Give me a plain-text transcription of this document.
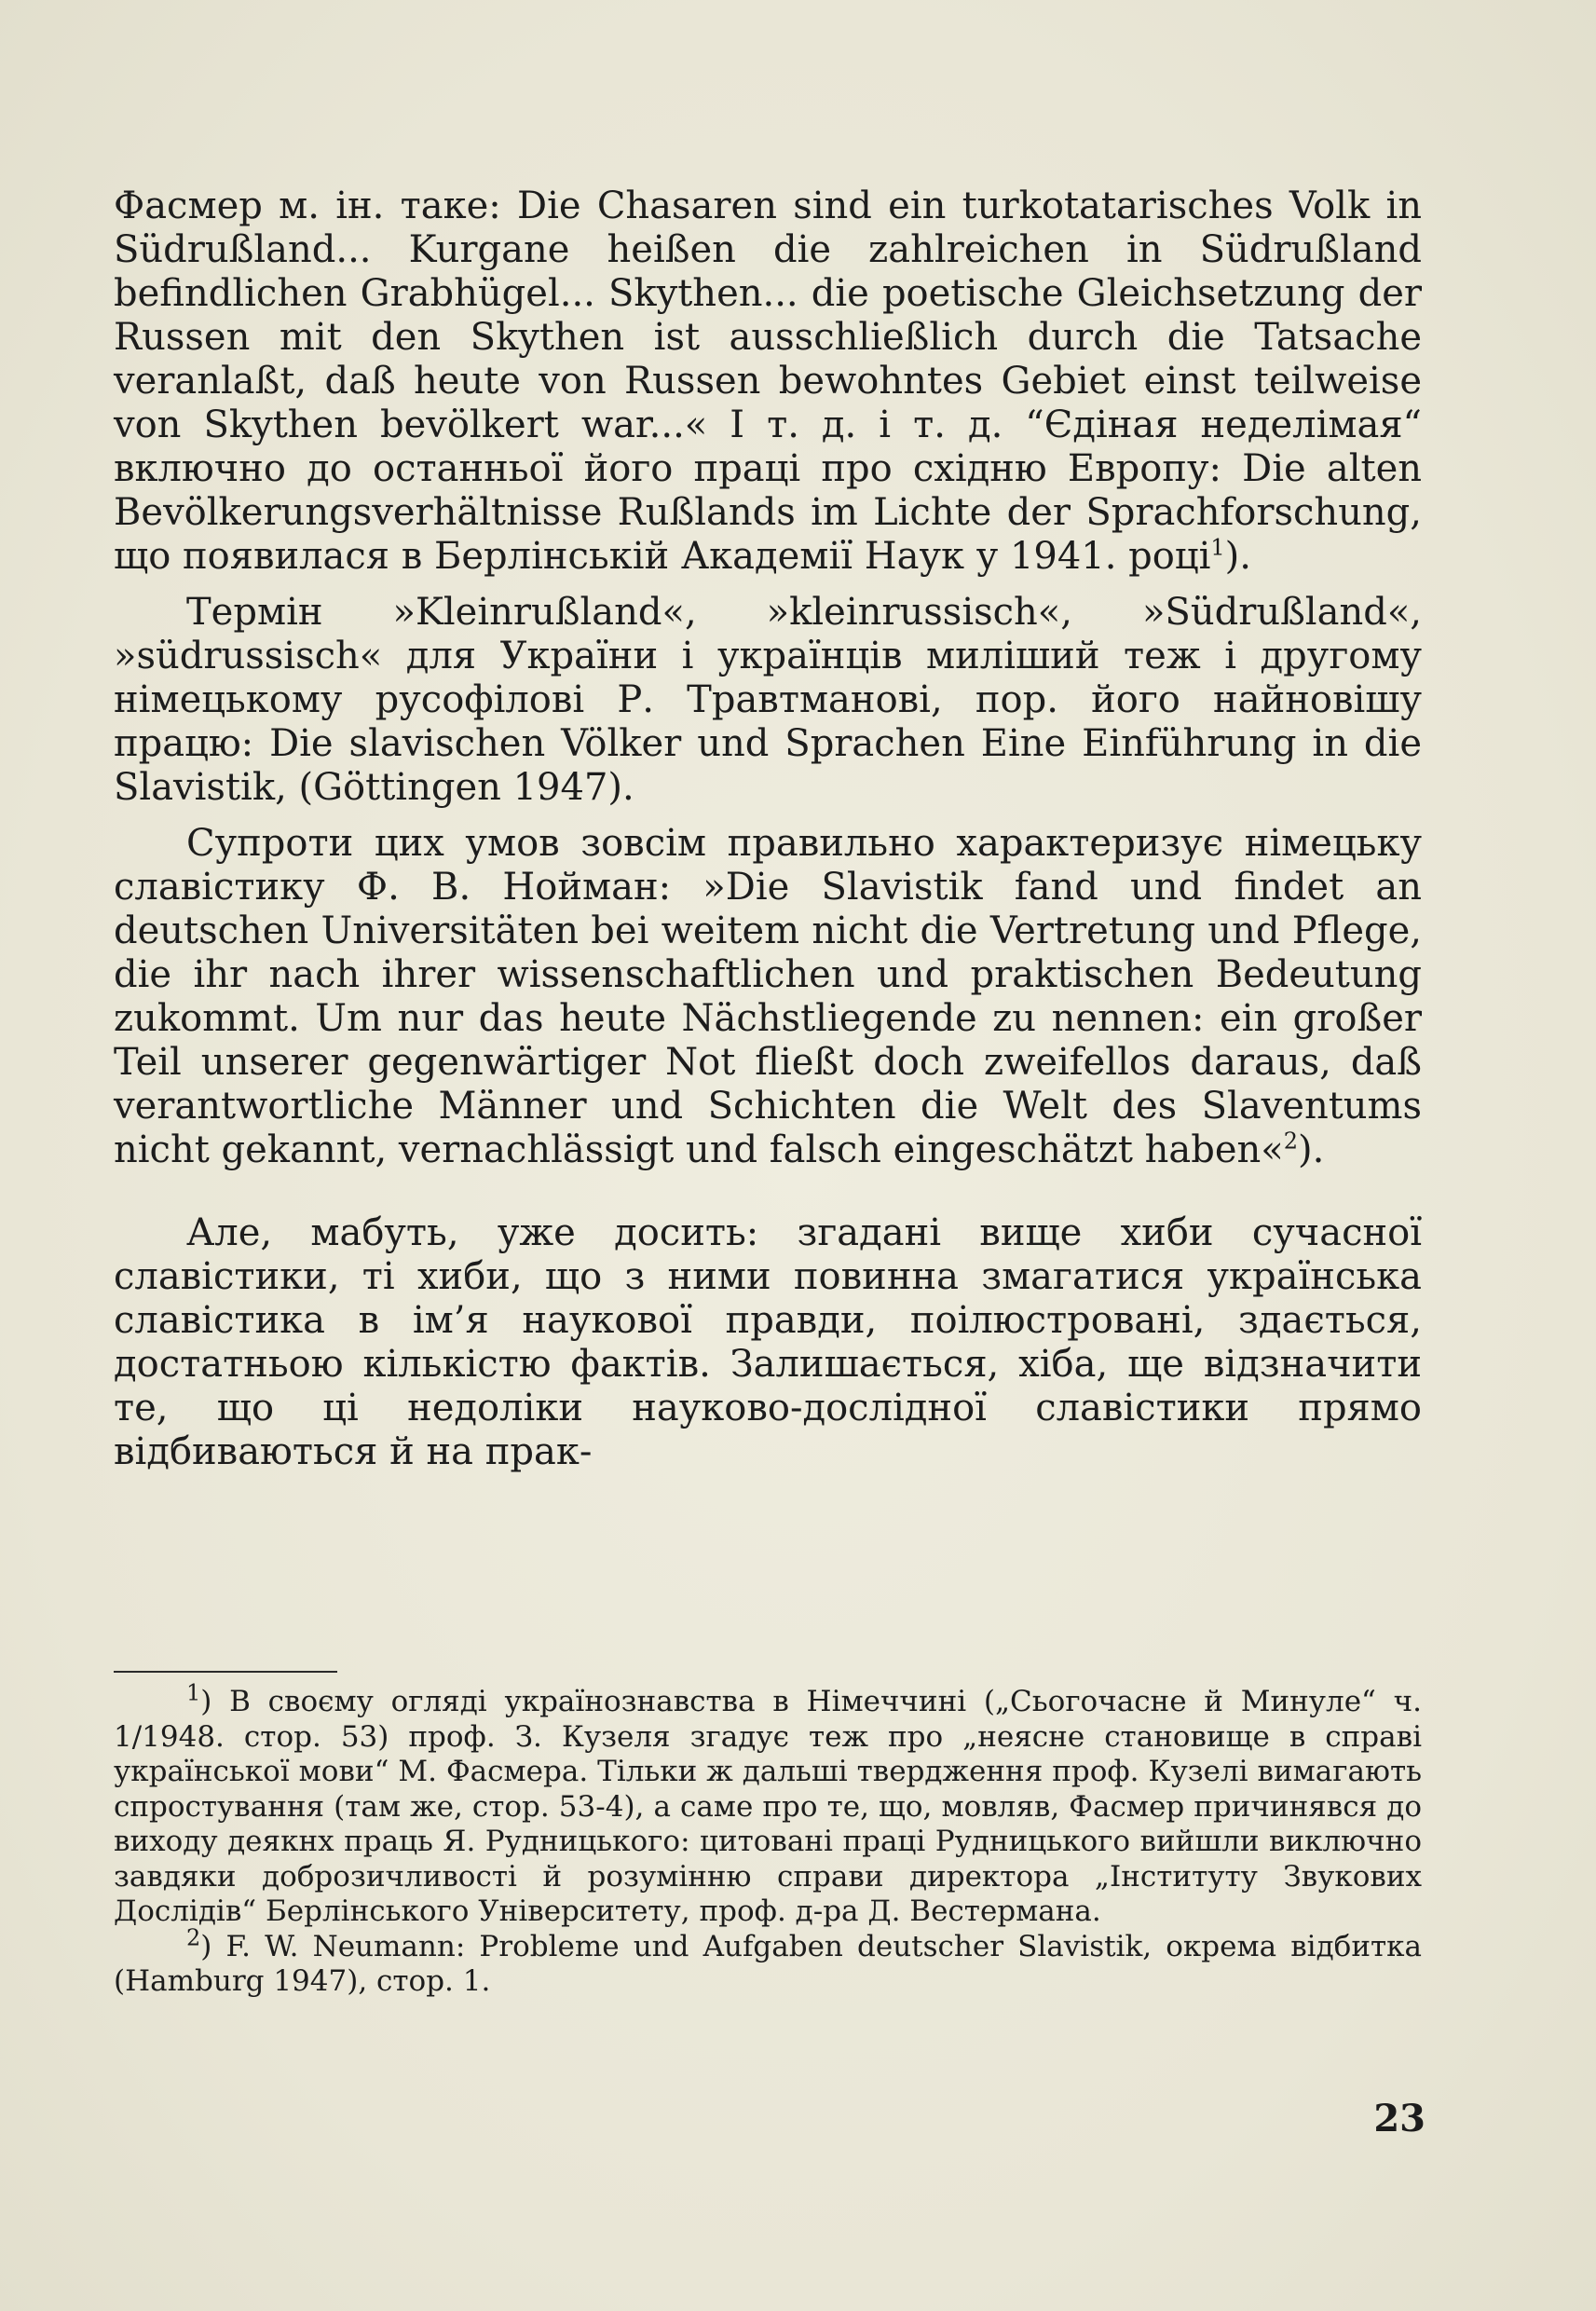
Фасмер м. ін. таке: Die Chasaren sind ein turkotatarisches Volk in Südrußland... Kurgane heißen die zahlreichen in Südrußland befindlichen Grabhügel... Skythen... die poetische Gleichsetzung der Russen mit den Skythen ist ausschließlich durch die Tatsache veranlaßt, daß heute von Russen bewohntes Gebiet einst teilweise von Skythen bevölkert war...« І т. д. і т. д. “Єдіная неделімая“ включно до останньої його праці про східню Европу: Die alten Bevölkerungsverhältnisse Rußlands im Lichte der Sprachforschung, що появилася в Берлінській Академії Наук у 1941. році$^1$).

Термін »Kleinrußland«, »kleinrussisch«, »Südrußland«, »südrussisch« для України і українців миліший теж і другому німецькому русофілові Р. Травтманові, пор. його найновішу працю: Die slavischen Völker und Sprachen Eine Einführung in die Slavistik, (Göttingen 1947).

Супроти цих умов зовсім правильно характеризує німецьку славістику Ф. В. Нойман: »Die Slavistik fand und findet an deutschen Universitäten bei weitem nicht die Vertretung und Pflege, die ihr nach ihrer wissenschaftlichen und praktischen Bedeutung zukommt. Um nur das heute Nächstliegende zu nennen: ein großer Teil unserer gegenwärtiger Not fließt doch zweifellos daraus, daß verantwortliche Männer und Schichten die Welt des Slaventums nicht gekannt, vernachlässigt und falsch eingeschätzt haben«$^2$).

Але, мабуть, уже досить: згадані вище хиби сучасної славістики, ті хиби, що з ними повинна змагатися українська славістика в ім’я наукової правди, поілюстровані, здається, достатньою кількістю фактів. Залишається, хіба, ще відзначити те, що ці недоліки науково-дослідної славістики прямо відбиваються й на прак-

$^1$) В своєму огляді українознавства в Німеччині („Сьогочасне й Минуле“ ч. 1/1948. стор. 53) проф. З. Кузеля згадує теж про „неясне становище в справі української мови“ М. Фасмера. Тільки ж дальші твердження проф. Кузелі вимагають спростування (там же, стор. 53-4), а саме про те, що, мовляв, Фасмер причинявся до виходу деякнх праць Я. Рудницького: цитовані праці Рудницького вийшли виключно завдяки доброзичливості й розумінню справи директора „Інституту Звукових Дослідів“ Берлінського Університету, проф. д-ра Д. Вестермана.

$^2$) F. W. Neumann: Probleme und Aufgaben deutscher Slavistik, окрема відбитка (Hamburg 1947), стор. 1.

23
